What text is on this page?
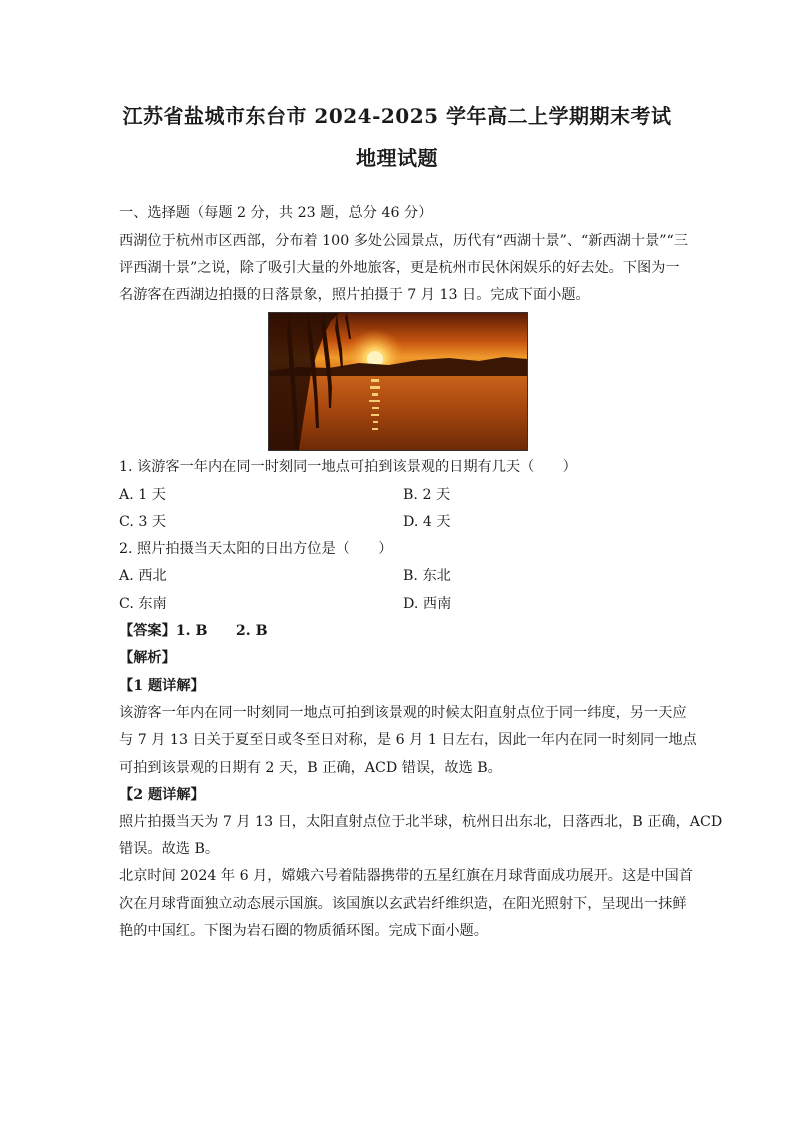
江苏省盐城市东台市 2024-2025 学年高二上学期期末考试
地理试题
一、选择题（每题 2 分，共 23 题，总分 46 分）
西湖位于杭州市区西部，分布着 100 多处公园景点，历代有“西湖十景”、“新西湖十景”“三
评西湖十景”之说，除了吸引大量的外地旅客，更是杭州市民休闲娱乐的好去处。下图为一
名游客在西湖边拍摄的日落景象，照片拍摄于 7 月 13 日。完成下面小题。
1. 该游客一年内在同一时刻同一地点可拍到该景观的日期有几天（　　）
A. 1 天	B. 2 天
C. 3 天	D. 4 天
2. 照片拍摄当天太阳的日出方位是（　　）
A. 西北	B. 东北
C. 东南	D. 西南
【答案】1. B　　2. B
【解析】
【1 题详解】
该游客一年内在同一时刻同一地点可拍到该景观的时候太阳直射点位于同一纬度，另一天应
与 7 月 13 日关于夏至日或冬至日对称，是 6 月 1 日左右，因此一年内在同一时刻同一地点
可拍到该景观的日期有 2 天，B 正确，ACD 错误，故选 B。
【2 题详解】
照片拍摄当天为 7 月 13 日，太阳直射点位于北半球，杭州日出东北，日落西北，B 正确，ACD
错误。故选 B。
北京时间 2024 年 6 月，嫦娥六号着陆器携带的五星红旗在月球背面成功展开。这是中国首
次在月球背面独立动态展示国旗。该国旗以玄武岩纤维织造，在阳光照射下，呈现出一抹鲜
艳的中国红。下图为岩石圈的物质循环图。完成下面小题。
